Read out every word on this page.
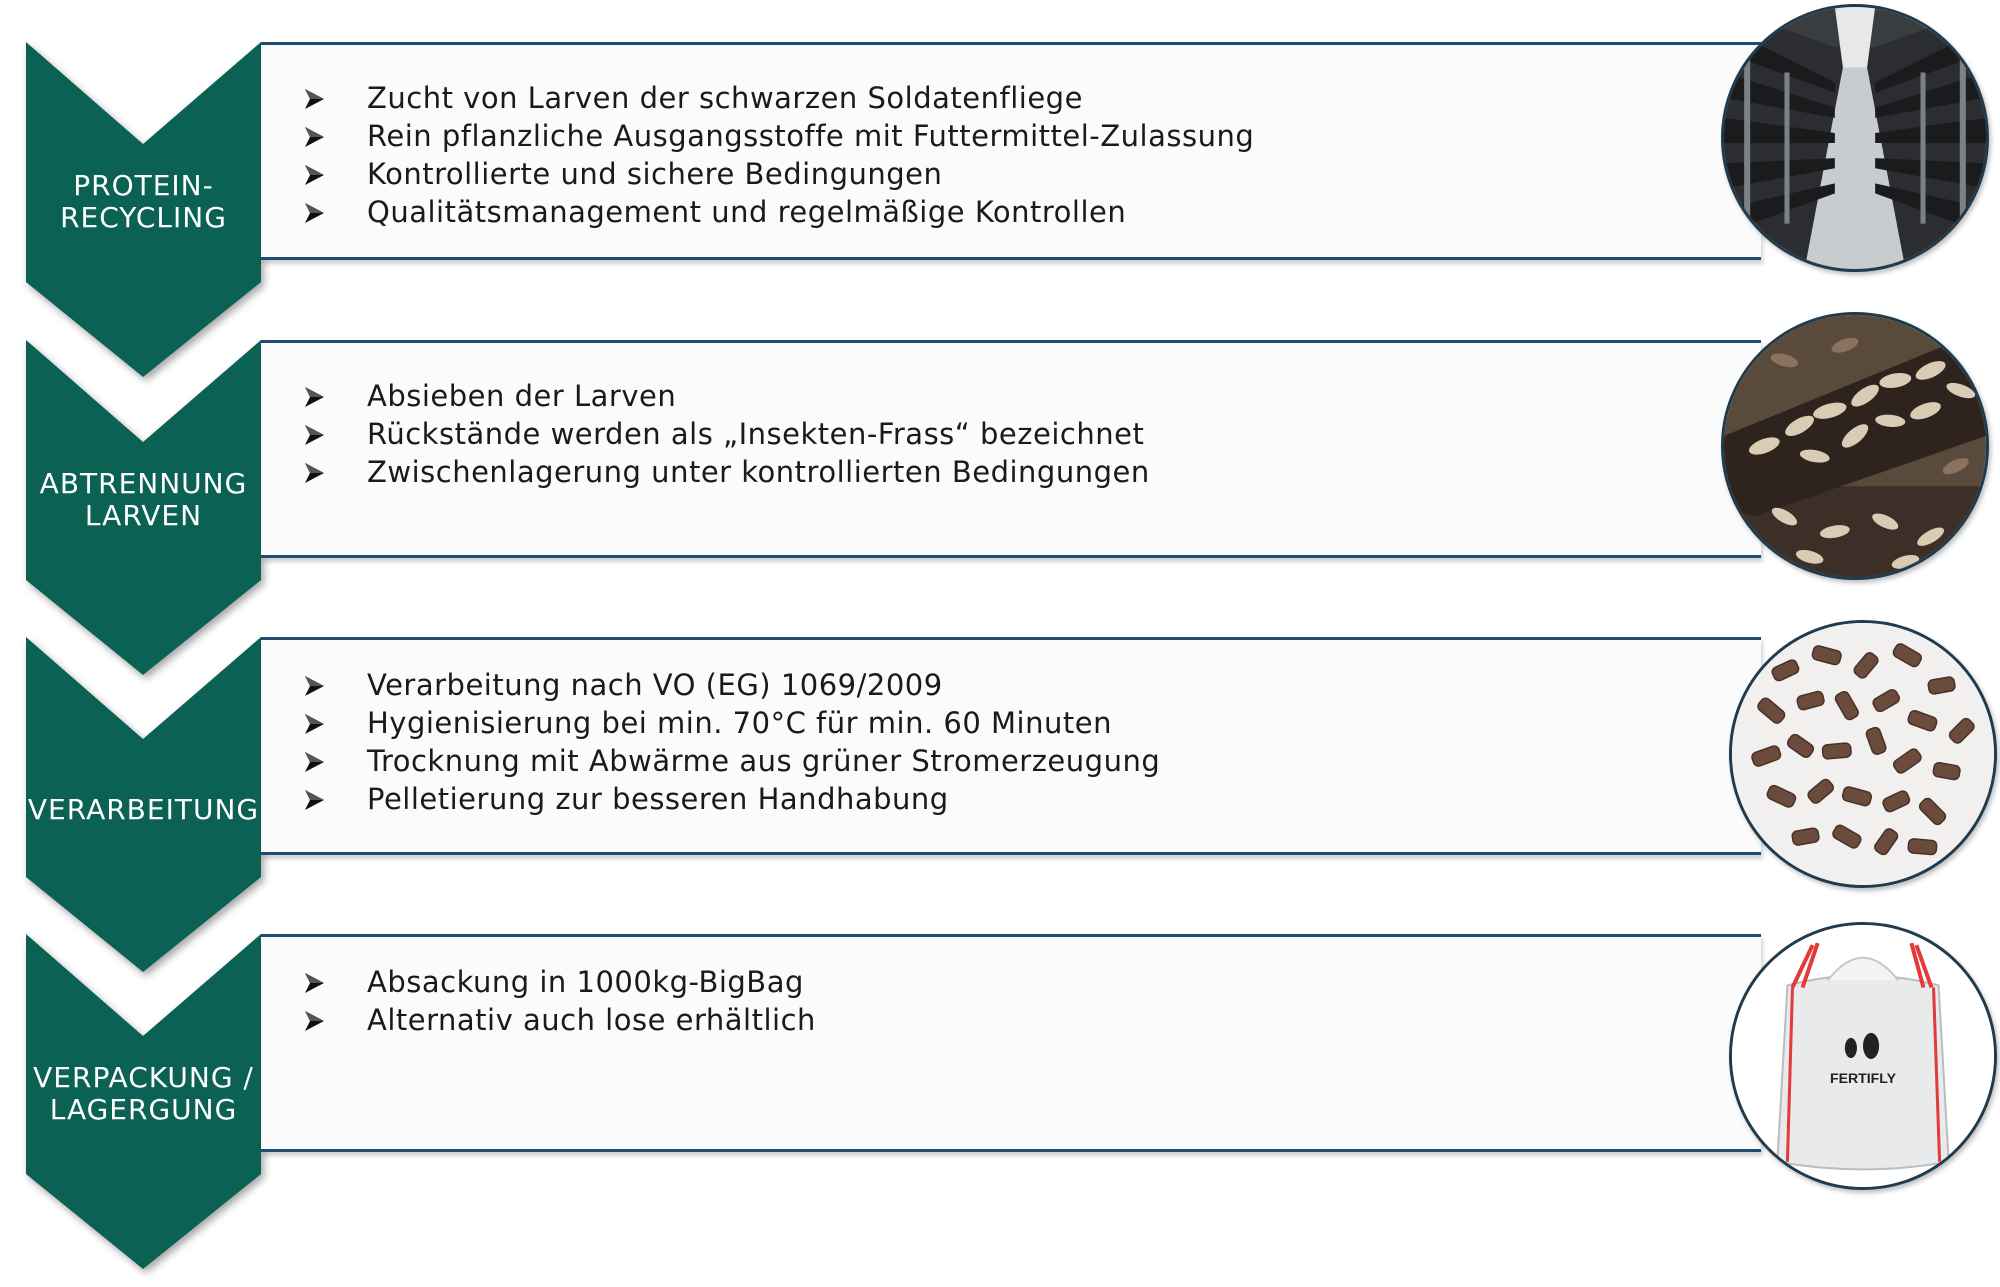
PROTEIN-
RECYCLING
Zucht von Larven der schwarzen Soldatenfliege
Rein pflanzliche Ausgangsstoffe mit Futtermittel-Zulassung
Kontrollierte und sichere Bedingungen
Qualitätsmanagement und regelmäßige Kontrollen
ABTRENNUNG
LARVEN
Absieben der Larven
Rückstände werden als „Insekten-Frass“ bezeichnet
Zwischenlagerung unter kontrollierten Bedingungen
VERARBEITUNG
Verarbeitung nach VO (EG) 1069/2009
Hygienisierung bei min. 70°C für min. 60 Minuten
Trocknung mit Abwärme aus grüner Stromerzeugung
Pelletierung zur besseren Handhabung
VERPACKUNG /
LAGERGUNG
Absackung in 1000kg-BigBag
Alternativ auch lose erhältlich
FERTIFLY
